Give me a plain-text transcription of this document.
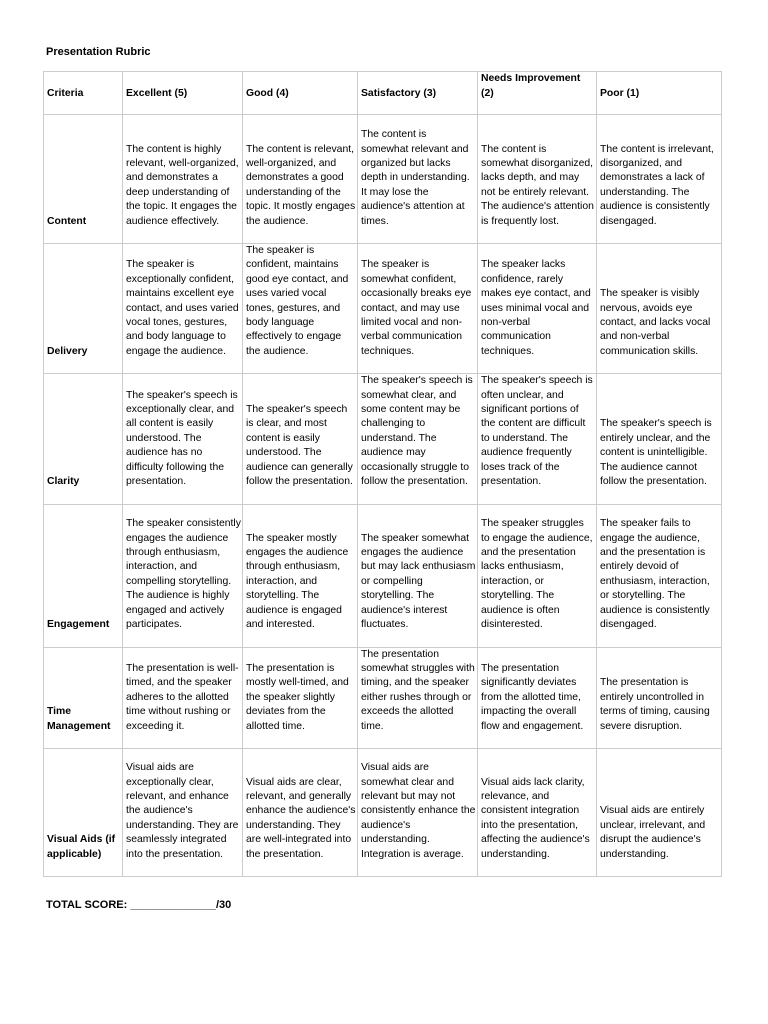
Presentation Rubric
Criteria	Excellent (5)	Good (4)	Satisfactory (3)	Needs Improvement (2)	Poor (1)
Content	The content is highly relevant, well-organized, and demonstrates a deep understanding of the topic. It engages the audience effectively.	The content is relevant, well-organized, and demonstrates a good understanding of the topic. It mostly engages the audience.	The content is somewhat relevant and organized but lacks depth in understanding. It may lose the audience's attention at times.	The content is somewhat disorganized, lacks depth, and may not be entirely relevant. The audience's attention is frequently lost.	The content is irrelevant, disorganized, and demonstrates a lack of understanding. The audience is consistently disengaged.
Delivery	The speaker is exceptionally confident, maintains excellent eye contact, and uses varied vocal tones, gestures, and body language to engage the audience.	The speaker is confident, maintains good eye contact, and uses varied vocal tones, gestures, and body language effectively to engage the audience.	The speaker is somewhat confident, occasionally breaks eye contact, and may use limited vocal and non-verbal communication techniques.	The speaker lacks confidence, rarely makes eye contact, and uses minimal vocal and non-verbal communication techniques.	The speaker is visibly nervous, avoids eye contact, and lacks vocal and non-verbal communication skills.
Clarity	The speaker's speech is exceptionally clear, and all content is easily understood. The audience has no difficulty following the presentation.	The speaker's speech is clear, and most content is easily understood. The audience can generally follow the presentation.	The speaker's speech is somewhat clear, and some content may be challenging to understand. The audience may occasionally struggle to follow the presentation.	The speaker's speech is often unclear, and significant portions of the content are difficult to understand. The audience frequently loses track of the presentation.	The speaker's speech is entirely unclear, and the content is unintelligible. The audience cannot follow the presentation.
Engagement	The speaker consistently engages the audience through enthusiasm, interaction, and compelling storytelling. The audience is highly engaged and actively participates.	The speaker mostly engages the audience through enthusiasm, interaction, and storytelling. The audience is engaged and interested.	The speaker somewhat engages the audience but may lack enthusiasm or compelling storytelling. The audience's interest fluctuates.	The speaker struggles to engage the audience, and the presentation lacks enthusiasm, interaction, or storytelling. The audience is often disinterested.	The speaker fails to engage the audience, and the presentation is entirely devoid of enthusiasm, interaction, or storytelling. The audience is consistently disengaged.
Time Management	The presentation is well-timed, and the speaker adheres to the allotted time without rushing or exceeding it.	The presentation is mostly well-timed, and the speaker slightly deviates from the allotted time.	The presentation somewhat struggles with timing, and the speaker either rushes through or exceeds the allotted time.	The presentation significantly deviates from the allotted time, impacting the overall flow and engagement.	The presentation is entirely uncontrolled in terms of timing, causing severe disruption.
Visual Aids (if applicable)	Visual aids are exceptionally clear, relevant, and enhance the audience's understanding. They are seamlessly integrated into the presentation.	Visual aids are clear, relevant, and generally enhance the audience's understanding. They are well-integrated into the presentation.	Visual aids are somewhat clear and relevant but may not consistently enhance the audience's understanding. Integration is average.	Visual aids lack clarity, relevance, and consistent integration into the presentation, affecting the audience's understanding.	Visual aids are entirely unclear, irrelevant, and disrupt the audience's understanding.
TOTAL SCORE: ______________/30
